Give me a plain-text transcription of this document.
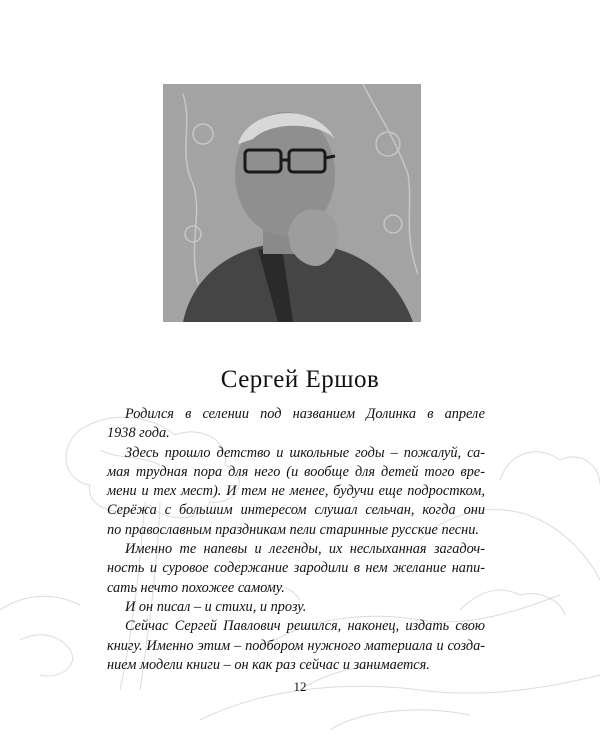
Сергей Ершов
Родился в селении под названием Долинка в апреле
1938 года.
Здесь прошло детство и школьные годы – пожалуй, са-
мая трудная пора для него (и вообще для детей того вре-
мени и тех мест). И тем не менее, будучи еще подростком,
Серёжа с большим интересом слушал сельчан, когда они
по православным праздникам пели старинные русские песни.
Именно те напевы и легенды, их неслыханная загадоч-
ность и суровое содержание зародили в нем желание напи-
сать нечто похожее самому.
И он писал – и стихи, и прозу.
Сейчас Сергей Павлович решился, наконец, издать свою
книгу. Именно этим – подбором нужного материала и созда-
нием модели книги – он как раз сейчас и занимается.
12
